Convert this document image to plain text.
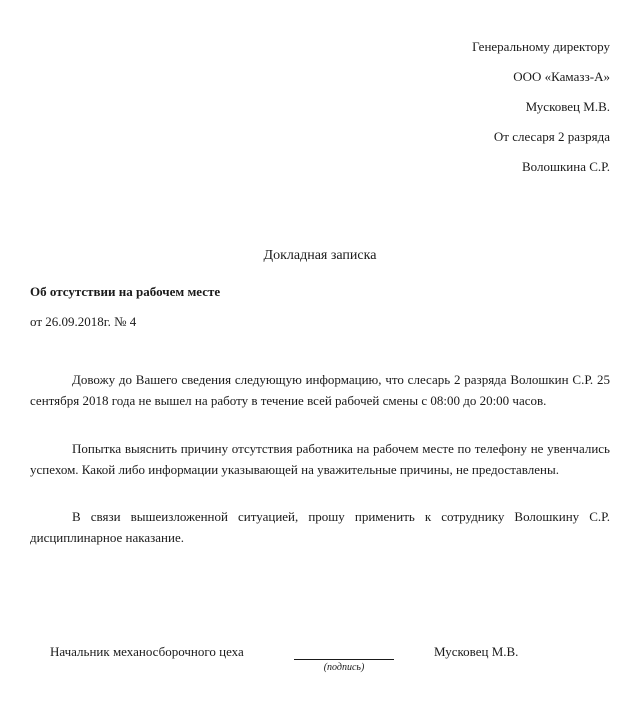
Генеральному директору
ООО «Камазз-А»
Мусковец М.В.
От слесаря 2 разряда
Волошкина С.Р.
Докладная записка
Об отсутствии на рабочем месте
от 26.09.2018г. № 4
Довожу до Вашего сведения следующую информацию, что слесарь 2 разряда Волошкин С.Р. 25 сентября 2018 года не вышел на работу в течение всей рабочей смены с 08:00 до 20:00 часов.
Попытка выяснить причину отсутствия работника на рабочем месте по телефону не увенчались успехом. Какой либо информации указывающей на уважительные причины, не предоставлены.
В связи вышеизложенной ситуацией, прошу применить к сотруднику Волошкину С.Р. дисциплинарное наказание.
Начальник механосборочного цеха
(подпись)
Мусковец М.В.
